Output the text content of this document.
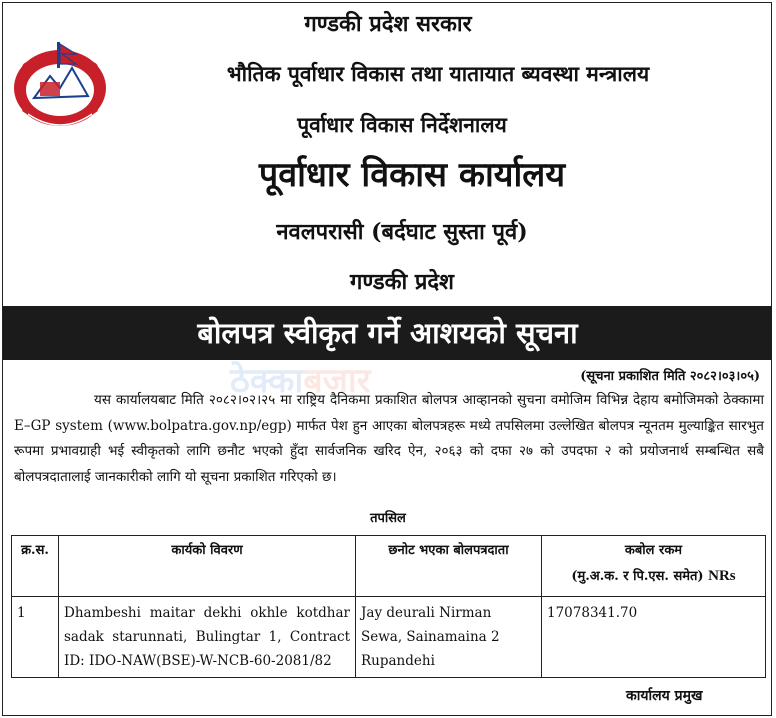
गण्डकी प्रदेश सरकार
भौतिक पूर्वाधार विकास तथा यातायात ब्यवस्था मन्त्रालय
पूर्वाधार विकास निर्देशनालय
पूर्वाधार विकास कार्यालय
नवलपरासी (बर्दघाट सुस्ता पूर्व)
गण्डकी प्रदेश
बोलपत्र स्वीकृत गर्ने आशयको सूचना
ठेक्काबजार	(सूचना प्रकाशित मिति २०८२।०३।०५)
यस कार्यालयबाट मिति २०८२।०२।२५ मा राष्ट्रिय दैनिकमा प्रकाशित बोलपत्र आव्हानको सुचना वमोजिम विभिन्न देहाय बमोजिमको ठेक्कामा E–GP system (www.bolpatra.gov.np/egp) मार्फत पेश हुन आएका बोलपत्रहरू मध्ये तपसिलमा उल्लेखित बोलपत्र न्यूनतम मुल्याङ्कित सारभुत रूपमा प्रभावग्राही भई स्वीकृतको लागि छनौट भएको हुँदा सार्वजनिक खरिद ऐन, २०६३ को दफा २७ को उपदफा २ को प्रयोजनार्थ सम्बन्धित सबै बोलपत्रदातालाई जानकारीको लागि यो सूचना प्रकाशित गरिएको छ।
तपसिल
क्र.स.	कार्यको विवरण	छनोट भएका बोलपत्रदाता	कबोल रकम
(मु.अ.क. र पि.एस. समेत) NRs

1	Dhambeshi maitar dekhi okhle kotdhar sadak starunnati, Bulingtar 1, Contract ID: IDO-NAW(BSE)-W-NCB-60-2081/82	Jay deurali Nirman Sewa, Sainamaina 2 Rupandehi	17078341.70
कार्यालय प्रमुख
